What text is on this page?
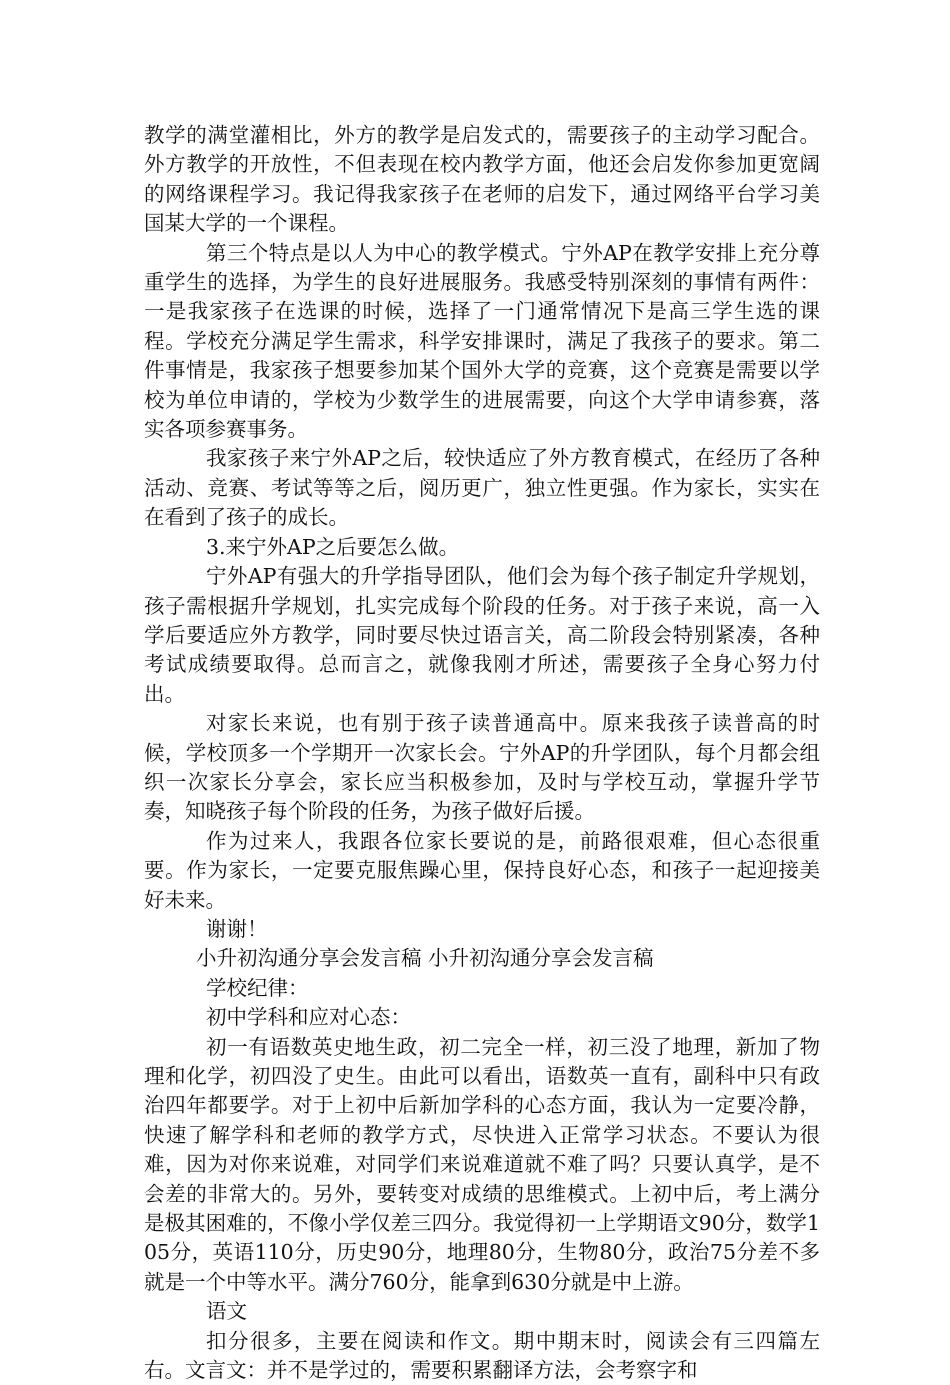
教学的满堂灌相比，外方的教学是启发式的，需要孩子的主动学习配合。外方教学的开放性，不但表现在校内教学方面，他还会启发你参加更宽阔的网络课程学习。我记得我家孩子在老师的启发下，通过网络平台学习美国某大学的一个课程。

第三个特点是以人为中心的教学模式。宁外AP在教学安排上充分尊重学生的选择，为学生的良好进展服务。我感受特别深刻的事情有两件：一是我家孩子在选课的时候，选择了一门通常情况下是高三学生选的课程。学校充分满足学生需求，科学安排课时，满足了我孩子的要求。第二件事情是，我家孩子想要参加某个国外大学的竞赛，这个竞赛是需要以学校为单位申请的，学校为少数学生的进展需要，向这个大学申请参赛，落实各项参赛事务。

我家孩子来宁外AP之后，较快适应了外方教育模式，在经历了各种活动、竞赛、考试等等之后，阅历更广，独立性更强。作为家长，实实在在看到了孩子的成长。

3.来宁外AP之后要怎么做。

宁外AP有强大的升学指导团队，他们会为每个孩子制定升学规划，孩子需根据升学规划，扎实完成每个阶段的任务。对于孩子来说，高一入学后要适应外方教学，同时要尽快过语言关，高二阶段会特别紧凑，各种考试成绩要取得。总而言之，就像我刚才所述，需要孩子全身心努力付出。

对家长来说，也有别于孩子读普通高中。原来我孩子读普高的时候，学校顶多一个学期开一次家长会。宁外AP的升学团队，每个月都会组织一次家长分享会，家长应当积极参加，及时与学校互动，掌握升学节奏，知晓孩子每个阶段的任务，为孩子做好后援。

作为过来人，我跟各位家长要说的是，前路很艰难，但心态很重要。作为家长，一定要克服焦躁心里，保持良好心态，和孩子一起迎接美好未来。

谢谢！

小升初沟通分享会发言稿 小升初沟通分享会发言稿

学校纪律：

初中学科和应对心态：

初一有语数英史地生政，初二完全一样，初三没了地理，新加了物理和化学，初四没了史生。由此可以看出，语数英一直有，副科中只有政治四年都要学。对于上初中后新加学科的心态方面，我认为一定要冷静，快速了解学科和老师的教学方式，尽快进入正常学习状态。不要认为很难，因为对你来说难，对同学们来说难道就不难了吗？只要认真学，是不会差的非常大的。另外，要转变对成绩的思维模式。上初中后，考上满分是极其困难的，不像小学仅差三四分。我觉得初一上学期语文90分，数学105分，英语110分，历史90分，地理80分，生物80分，政治75分差不多就是一个中等水平。满分760分，能拿到630分就是中上游。

语文

扣分很多，主要在阅读和作文。期中期末时，阅读会有三四篇左右。文言文：并不是学过的，需要积累翻译方法，会考察字和
